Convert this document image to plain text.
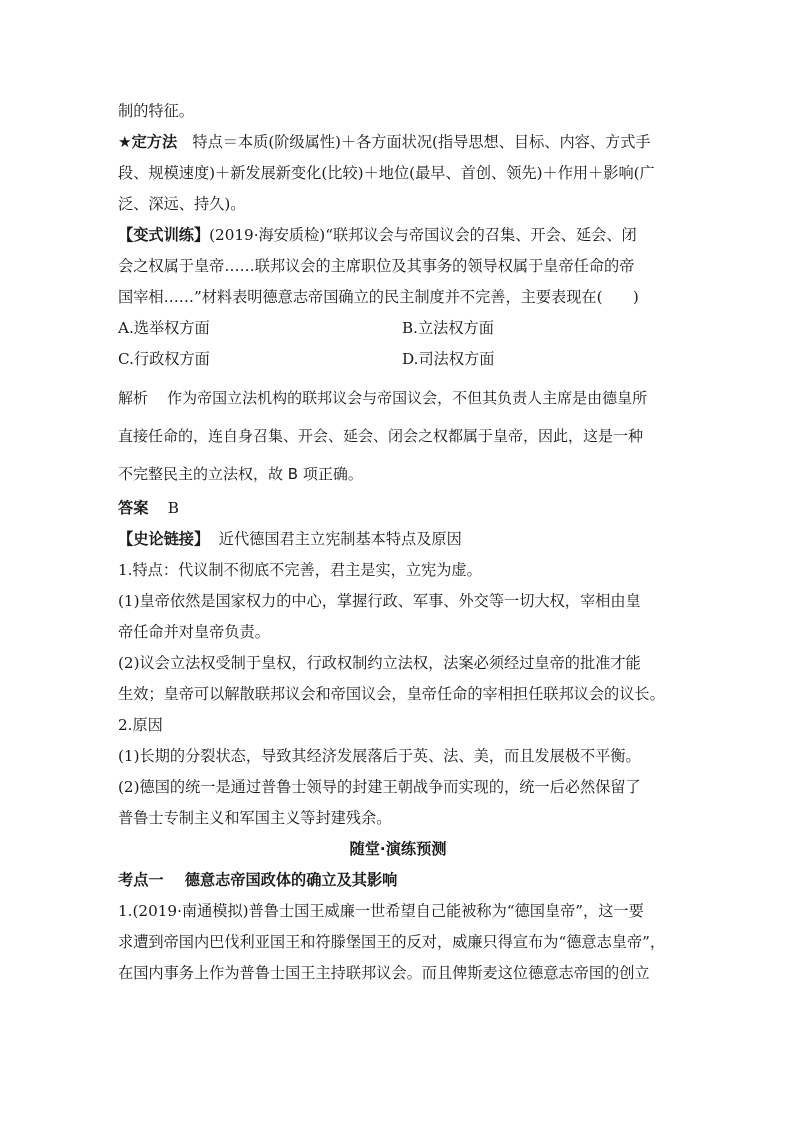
制的特征。
★定方法　特点＝本质(阶级属性)＋各方面状况(指导思想、目标、内容、方式手
段、规模速度)＋新发展新变化(比较)＋地位(最早、首创、领先)＋作用＋影响(广
泛、深远、持久)。
【变式训练】(2019·海安质检)“联邦议会与帝国议会的召集、开会、延会、闭
会之权属于皇帝……联邦议会的主席职位及其事务的领导权属于皇帝任命的帝
国宰相……”材料表明德意志帝国确立的民主制度并不完善，主要表现在(　　)
A.选举权方面	B.立法权方面
C.行政权方面	D.司法权方面
解析 作为帝国立法机构的联邦议会与帝国议会，不但其负责人主席是由德皇所
直接任命的，连自身召集、开会、延会、闭会之权都属于皇帝，因此，这是一种
不完整民主的立法权，故 B 项正确。
答案 B
【史论链接】 近代德国君主立宪制基本特点及原因
1.特点：代议制不彻底不完善，君主是实，立宪为虚。
(1)皇帝依然是国家权力的中心，掌握行政、军事、外交等一切大权，宰相由皇
帝任命并对皇帝负责。
(2)议会立法权受制于皇权，行政权制约立法权，法案必须经过皇帝的批准才能
生效；皇帝可以解散联邦议会和帝国议会，皇帝任命的宰相担任联邦议会的议长。
2.原因
(1)长期的分裂状态，导致其经济发展落后于英、法、美，而且发展极不平衡。
(2)德国的统一是通过普鲁士领导的封建王朝战争而实现的，统一后必然保留了
普鲁士专制主义和军国主义等封建残余。
随堂·演练预测
考点一 德意志帝国政体的确立及其影响
1.(2019·南通模拟)普鲁士国王威廉一世希望自己能被称为“德国皇帝”，这一要
求遭到帝国内巴伐利亚国王和符滕堡国王的反对，威廉只得宣布为“德意志皇帝”，
在国内事务上作为普鲁士国王主持联邦议会。而且俾斯麦这位德意志帝国的创立
